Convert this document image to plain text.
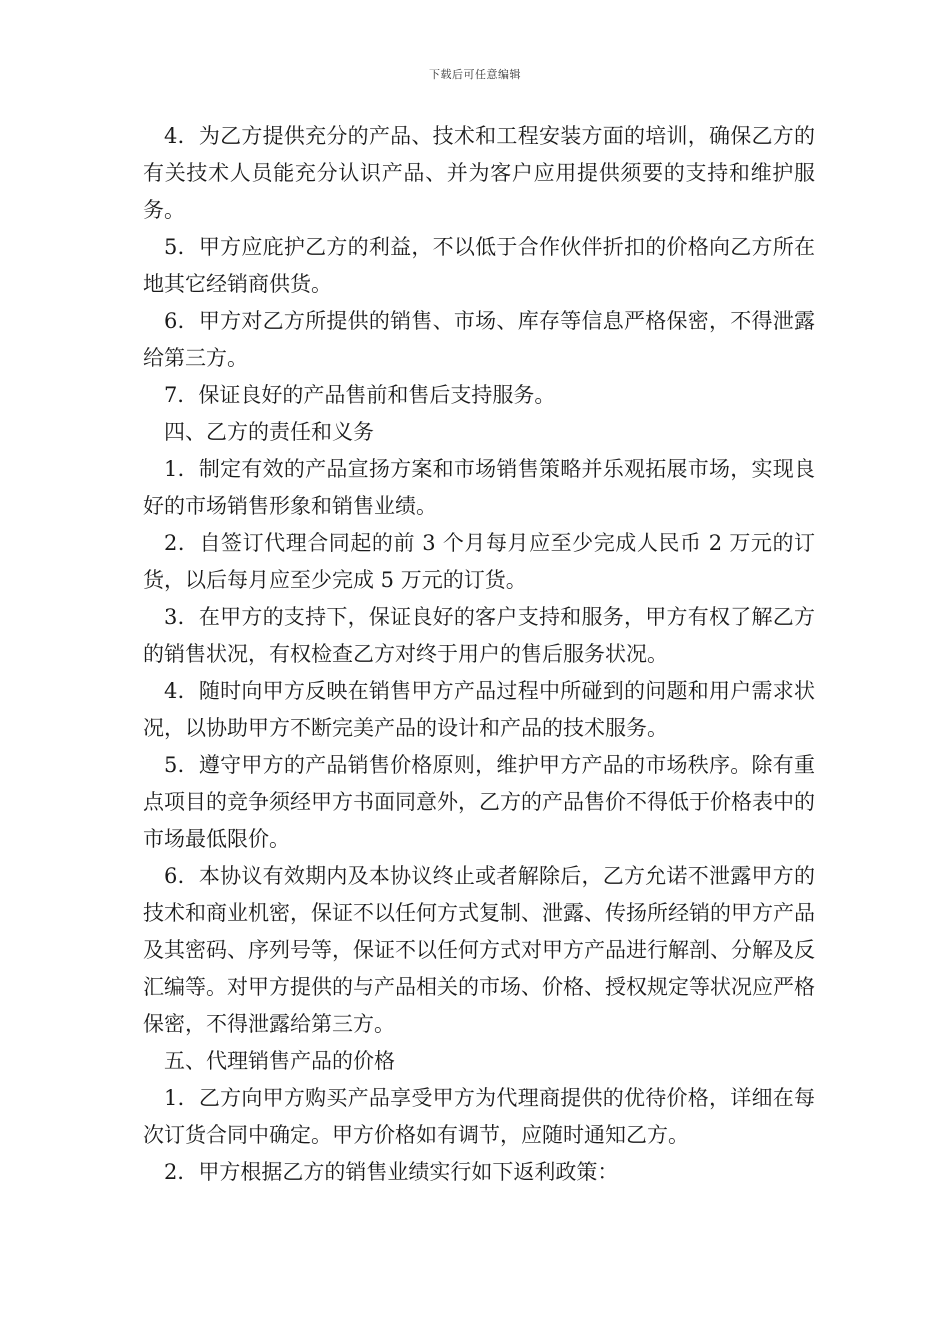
下载后可任意编辑

4．为乙方提供充分的产品、技术和工程安装方面的培训，确保乙方的有关技术人员能充分认识产品、并为客户应用提供须要的支持和维护服务。

5．甲方应庇护乙方的利益，不以低于合作伙伴折扣的价格向乙方所在地其它经销商供货。

6．甲方对乙方所提供的销售、市场、库存等信息严格保密，不得泄露给第三方。

7．保证良好的产品售前和售后支持服务。

四、乙方的责任和义务

1．制定有效的产品宣扬方案和市场销售策略并乐观拓展市场，实现良好的市场销售形象和销售业绩。

2．自签订代理合同起的前 3 个月每月应至少完成人民币 2 万元的订货，以后每月应至少完成 5 万元的订货。

3．在甲方的支持下，保证良好的客户支持和服务，甲方有权了解乙方的销售状况，有权检查乙方对终于用户的售后服务状况。

4．随时向甲方反映在销售甲方产品过程中所碰到的问题和用户需求状况，以协助甲方不断完美产品的设计和产品的技术服务。

5．遵守甲方的产品销售价格原则，维护甲方产品的市场秩序。除有重点项目的竞争须经甲方书面同意外，乙方的产品售价不得低于价格表中的市场最低限价。

6．本协议有效期内及本协议终止或者解除后，乙方允诺不泄露甲方的技术和商业机密，保证不以任何方式复制、泄露、传扬所经销的甲方产品及其密码、序列号等，保证不以任何方式对甲方产品进行解剖、分解及反汇编等。对甲方提供的与产品相关的市场、价格、授权规定等状况应严格保密，不得泄露给第三方。

五、代理销售产品的价格

1．乙方向甲方购买产品享受甲方为代理商提供的优待价格，详细在每次订货合同中确定。甲方价格如有调节，应随时通知乙方。

2．甲方根据乙方的销售业绩实行如下返利政策：
